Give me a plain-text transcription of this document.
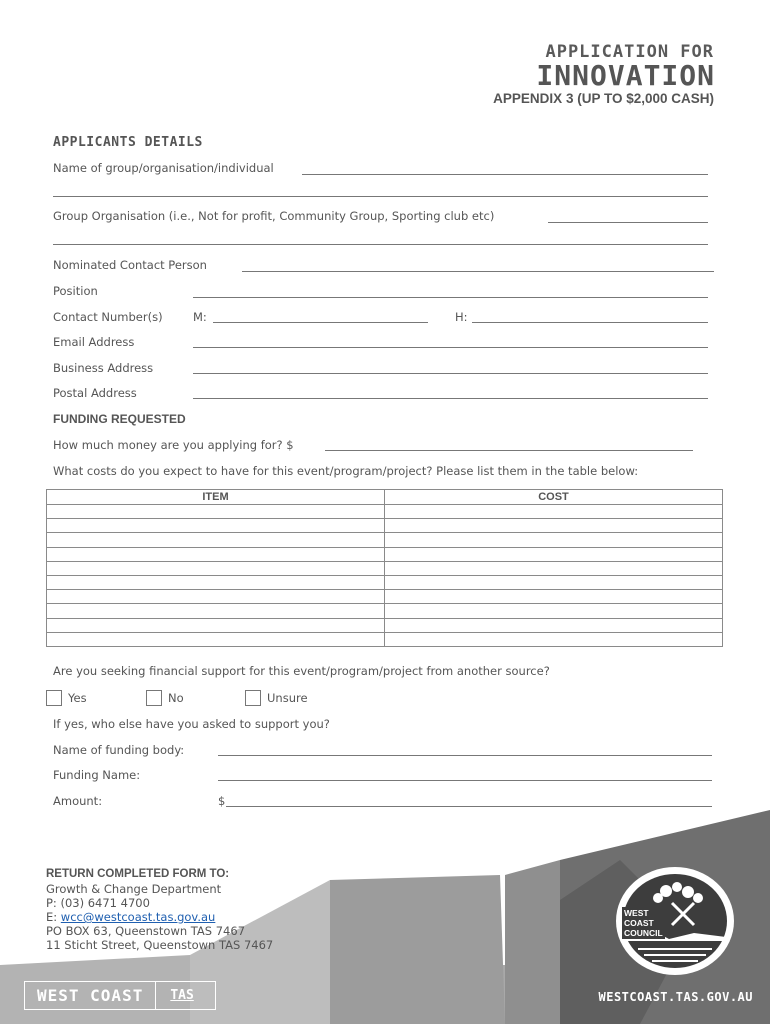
APPLICATION FOR
INNOVATION
APPENDIX 3 (UP TO $2,000 CASH)
APPLICANTS DETAILS
Name of group/organisation/individual
Group Organisation (i.e., Not for profit, Community Group, Sporting club etc)
Nominated Contact Person
Position
Contact Number(s)	M:	H:
Email Address
Business Address
Postal Address
FUNDING REQUESTED
How much money are you applying for? $
What costs do you expect to have for this event/program/project? Please list them in the table below:
ITEM	COST

Are you seeking financial support for this event/program/project from another source?
Yes	No	Unsure
If yes, who else have you asked to support you?
Name of funding body:
Funding Name:
Amount:	$
RETURN COMPLETED FORM TO:
Growth & Change Department
P: (03) 6471 4700
E: wcc@westcoast.tas.gov.au
PO BOX 63, Queenstown TAS 7467
11 Sticht Street, Queenstown TAS 7467
WEST
COAST
COUNCIL
WEST COAST	TAS	WESTCOAST.TAS.GOV.AU
